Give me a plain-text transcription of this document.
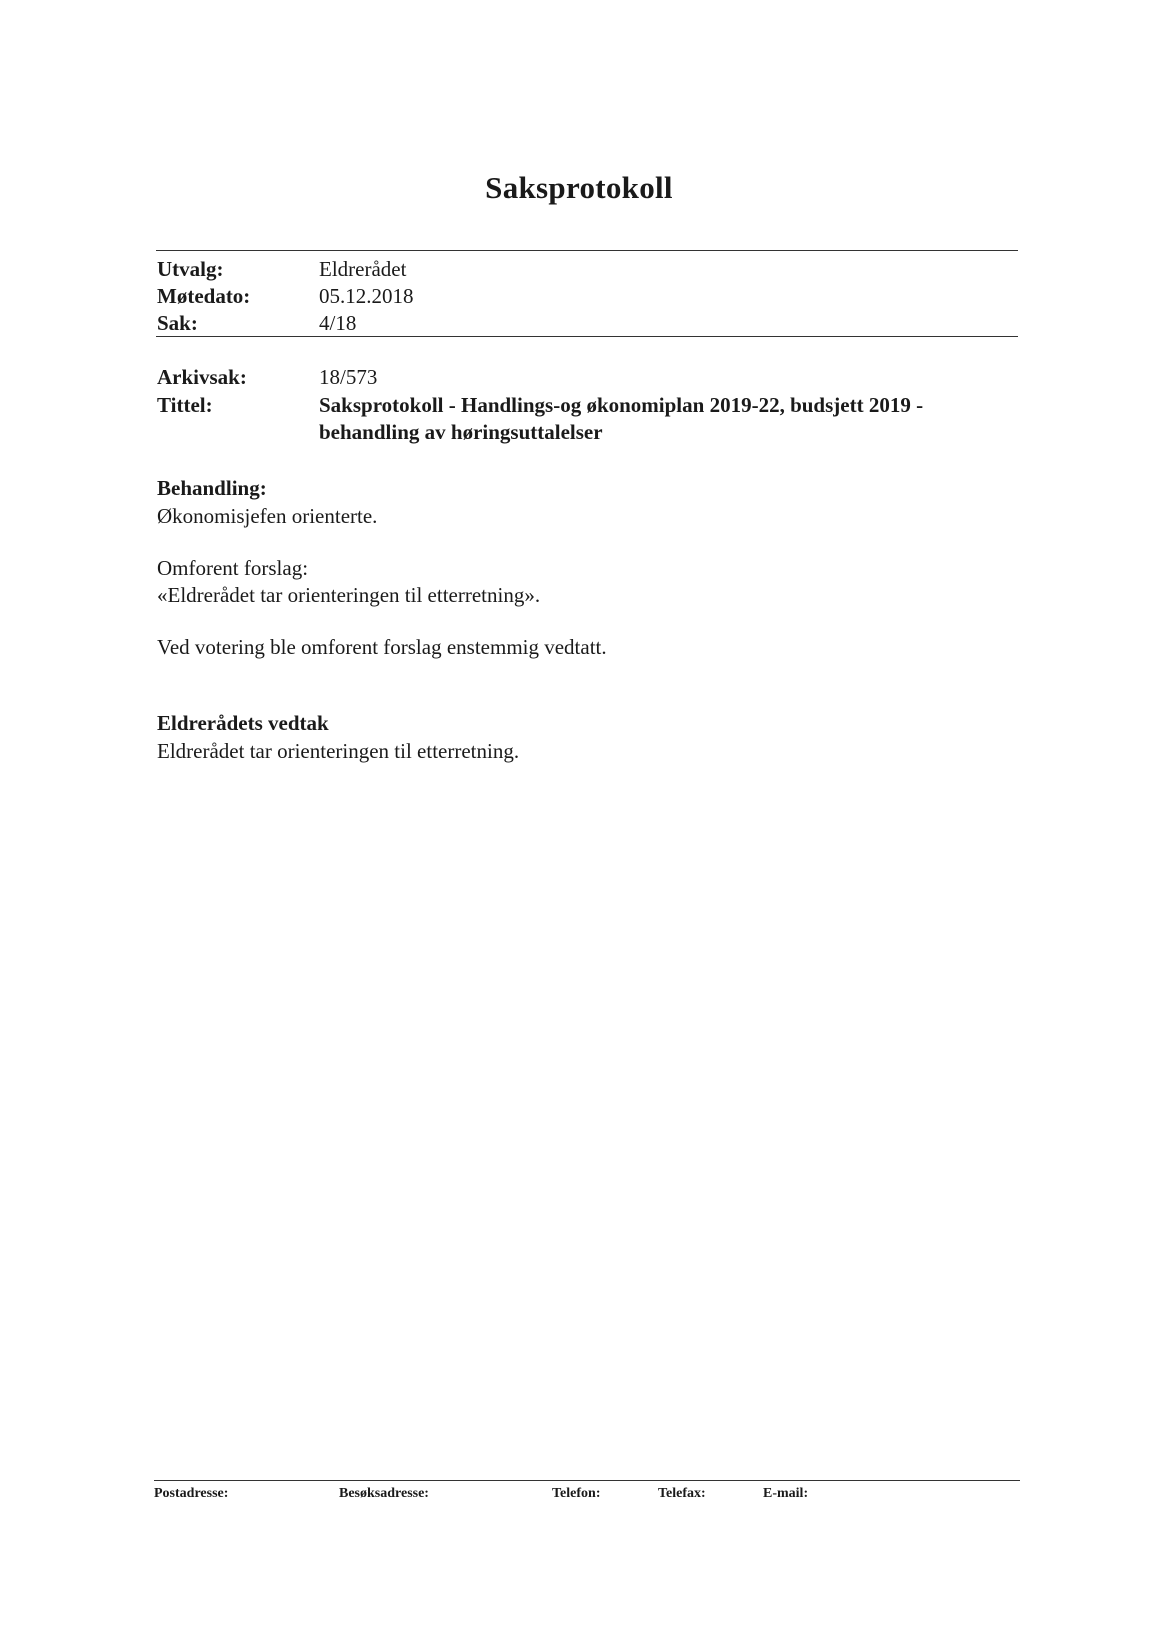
Saksprotokoll
Utvalg:	Eldrerådet
Møtedato:	05.12.2018
Sak:	4/18
Arkivsak:	18/573
Tittel:	Saksprotokoll - Handlings-og økonomiplan 2019-22, budsjett 2019 -
behandling av høringsuttalelser
Behandling:
Økonomisjefen orienterte.
Omforent forslag:
«Eldrerådet tar orienteringen til etterretning».
Ved votering ble omforent forslag enstemmig vedtatt.
Eldrerådets vedtak
Eldrerådet tar orienteringen til etterretning.
Postadresse:	Besøksadresse:	Telefon:	Telefax:	E-mail:
